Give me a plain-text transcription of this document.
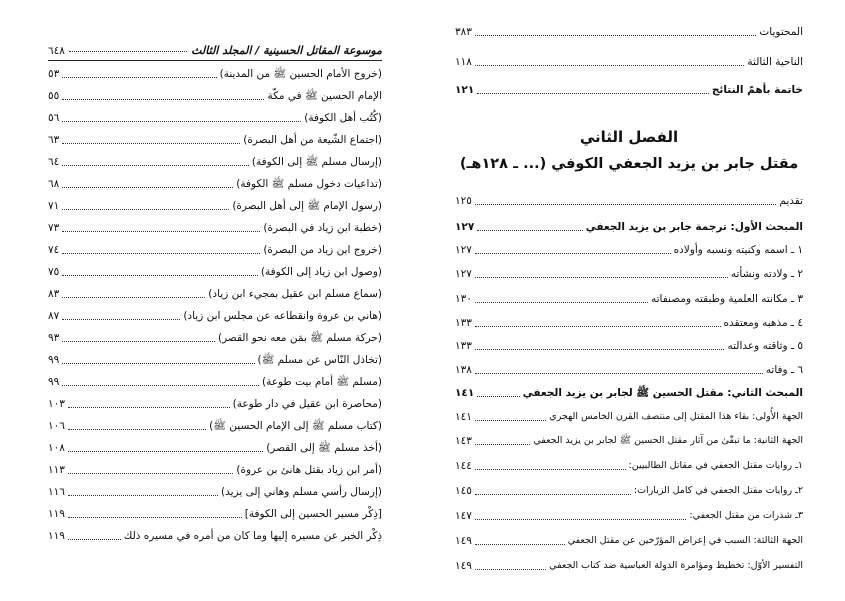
موسوعة المقاتل الحسينية / المجلد الثالث
٦٤٨
(خروج الأمام الحسين ﷺ من المدينة)
٥٣
الإمام الحسين ﷺ في مكّة
٥٥
(كُتُب أهل الكوفة)
٥٦
(اجتماع الشّيعة من أهل البصرة)
٦٣
(إرسال مسلم ﷺ إلى الكوفة)
٦٤
(تداعيات دخول مسلم ﷺ الكوفة)
٦٨
(رسول الإمام ﷺ إلى أهل البصرة)
٧١
(خطبة ابن زياد في البصرة)
٧٣
(خروج ابن زياد من البصرة)
٧٤
(وصول ابن زياد إلى الكوفة)
٧٥
(سماع مسلم ابن عقيل بمجيء ابن زياد)
٨٣
(هاني بن عروة وانقطاعه عن مجلس ابن زياد)
٨٧
(حركة مسلم ﷺ بمَن معه نحو القصر)
٩٣
(تخاذل النّاس عن مسلم ﷺ)
٩٩
(مسلم ﷺ أمام بيت طوعة)
٩٩
(محاصرة ابن عقيل في دار طوعة)
١٠٣
(كتاب مسلم ﷺ إلى الإمام الحسين ﷺ)
١٠٦
(أخذ مسلم ﷺ إلى القصر)
١٠٨
(أمر ابن زياد بقتل هانئ بن عروة)
١١٣
(إرسال رأسي مسلم وهاني إلى يزيد)
١١٦
[ذِكْر مسير الحسين إلى الكوفة]
١١٩
ذِكْر الخبر عن مسيره إليها وما كان من أمره في مسيره ذلك
١١٩
المحتويات
٣٨٣
الناحية الثالثة
١١٨
خاتمة بأهمّ النتائج
١٢١
الفصل الثاني
مقتل جابر بن يزيد الجعفي الكوفي (... ـ ١٢٨هـ)
تقديم
١٢٥
المبحث الأول: ترجمة جابر بن يزيد الجعفي
١٢٧
١ ـ اسمه وكنيته ونسبه وأولاده
١٢٧
٢ ـ ولادته ونشأته
١٢٧
٣ ـ مكانته العلمية وطبقته ومصنفاته
١٣٠
٤ ـ مذهبه ومعتقده
١٣٣
٥ ـ وثاقته وعدالته
١٣٣
٦ ـ وفاته
١٣٨
المبحث الثاني: مقتل الحسين ﷺ لجابر بن يزيد الجعفي
١٤١
الجهة الأُولى: بقاء هذا المقتل إلى منتصف القرن الخامس الهجري
١٤١
الجهة الثانية: ما تبقّىٰ من آثار مقتل الحسين ﷺ لجابر بن يزيد الجعفي
١٤٣
١ـ روايات مقتل الجعفي في مقاتل الطالبيين:
١٤٤
٢ـ روايات مقتل الجعفي في كامل الزيارات:
١٤٥
٣ـ شذرات من مقتل الجعفي:
١٤٧
الجهة الثالثة: السبب في إعراض المؤرّخين عن مقتل الجعفي
١٤٩
التفسير الأوّل: تخطيط ومؤامرة الدولة العباسية ضد كتاب الجعفي
١٤٩
